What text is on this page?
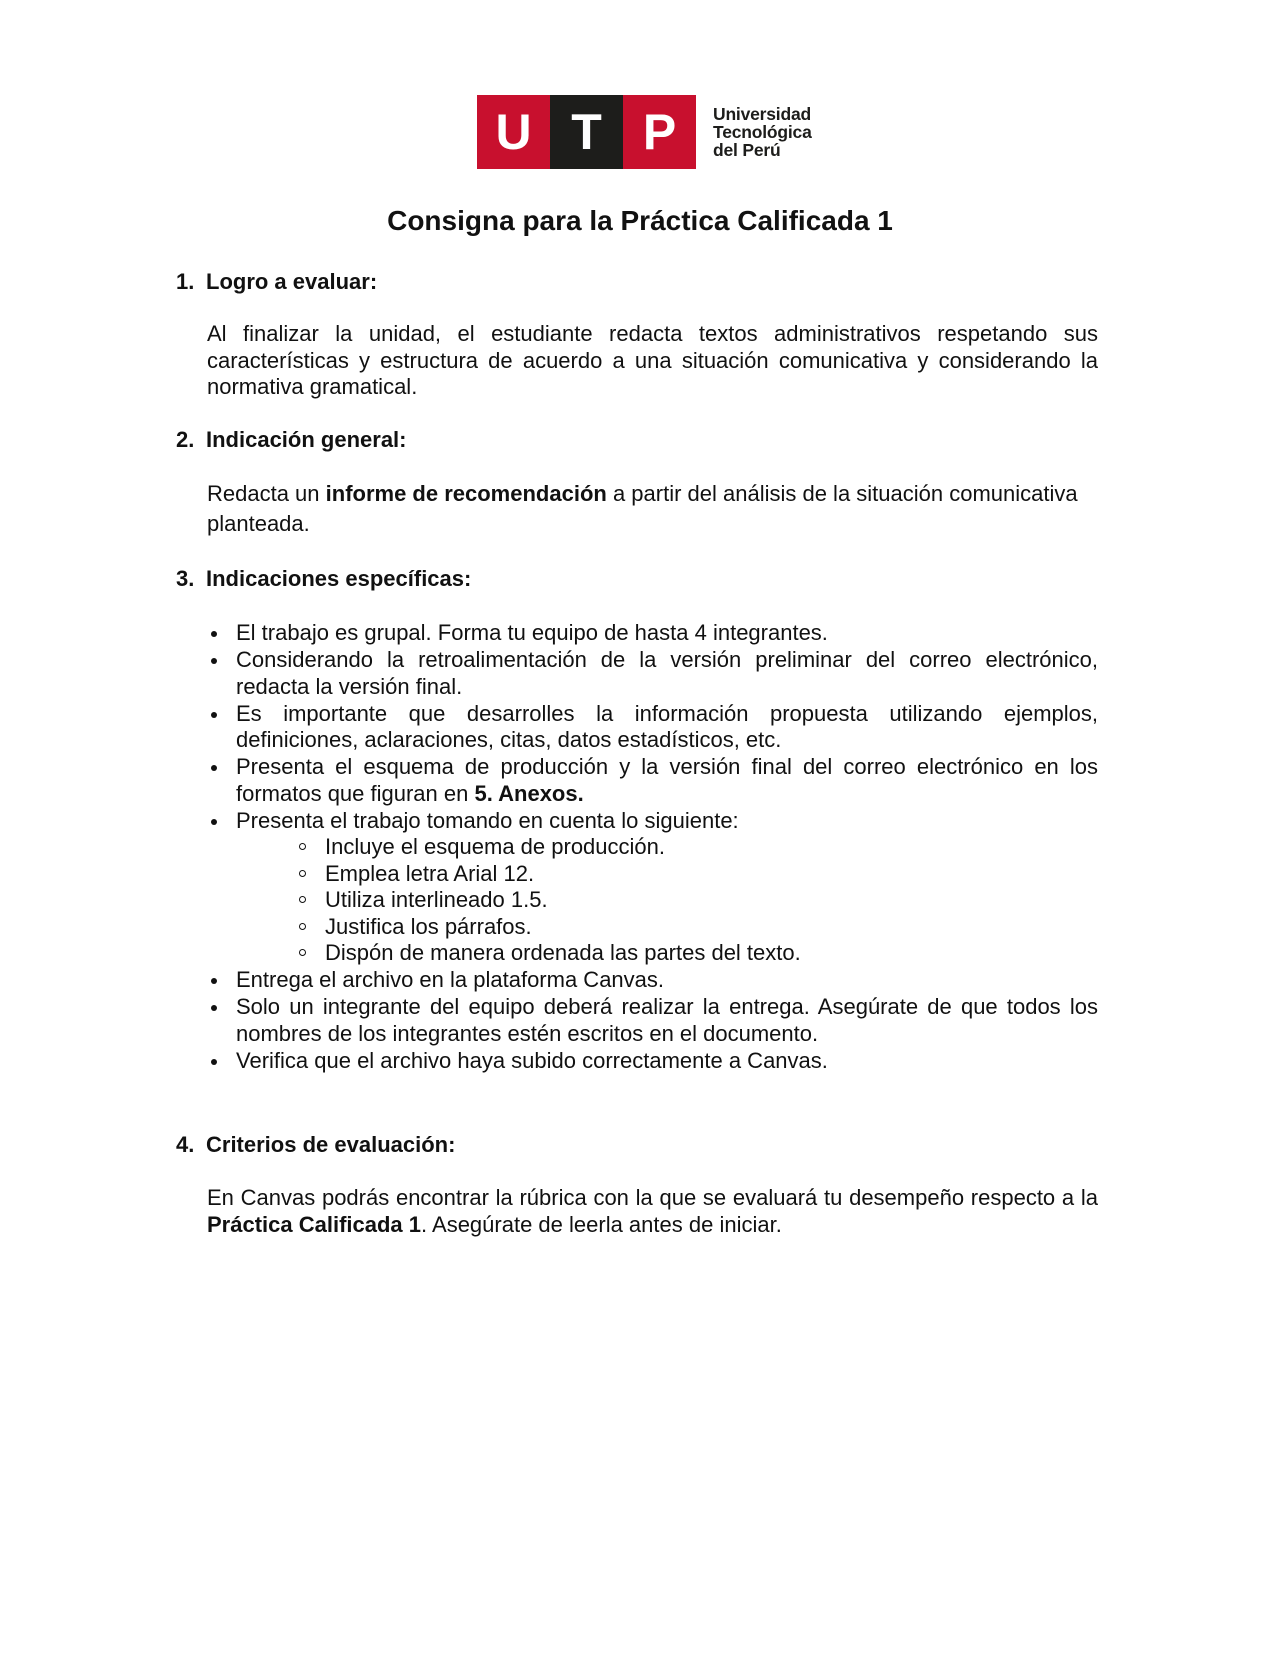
U T P	Universidad
Tecnológica
del Perú
Consigna para la Práctica Calificada 1
1. Logro a evaluar:
Al finalizar la unidad, el estudiante redacta textos administrativos respetando sus características y estructura de acuerdo a una situación comunicativa y considerando la normativa gramatical.
2. Indicación general:
Redacta un informe de recomendación a partir del análisis de la situación comunicativa planteada.
3. Indicaciones específicas:
El trabajo es grupal. Forma tu equipo de hasta 4 integrantes.
Considerando la retroalimentación de la versión preliminar del correo electrónico, redacta la versión final.
Es importante que desarrolles la información propuesta utilizando ejemplos, definiciones, aclaraciones, citas, datos estadísticos, etc.
Presenta el esquema de producción y la versión final del correo electrónico en los formatos que figuran en 5. Anexos.
Presenta el trabajo tomando en cuenta lo siguiente:
Incluye el esquema de producción.
Emplea letra Arial 12.
Utiliza interlineado 1.5.
Justifica los párrafos.
Dispón de manera ordenada las partes del texto.
Entrega el archivo en la plataforma Canvas.
Solo un integrante del equipo deberá realizar la entrega. Asegúrate de que todos los nombres de los integrantes estén escritos en el documento.
Verifica que el archivo haya subido correctamente a Canvas.
4. Criterios de evaluación:
En Canvas podrás encontrar la rúbrica con la que se evaluará tu desempeño respecto a la Práctica Calificada 1. Asegúrate de leerla antes de iniciar.
